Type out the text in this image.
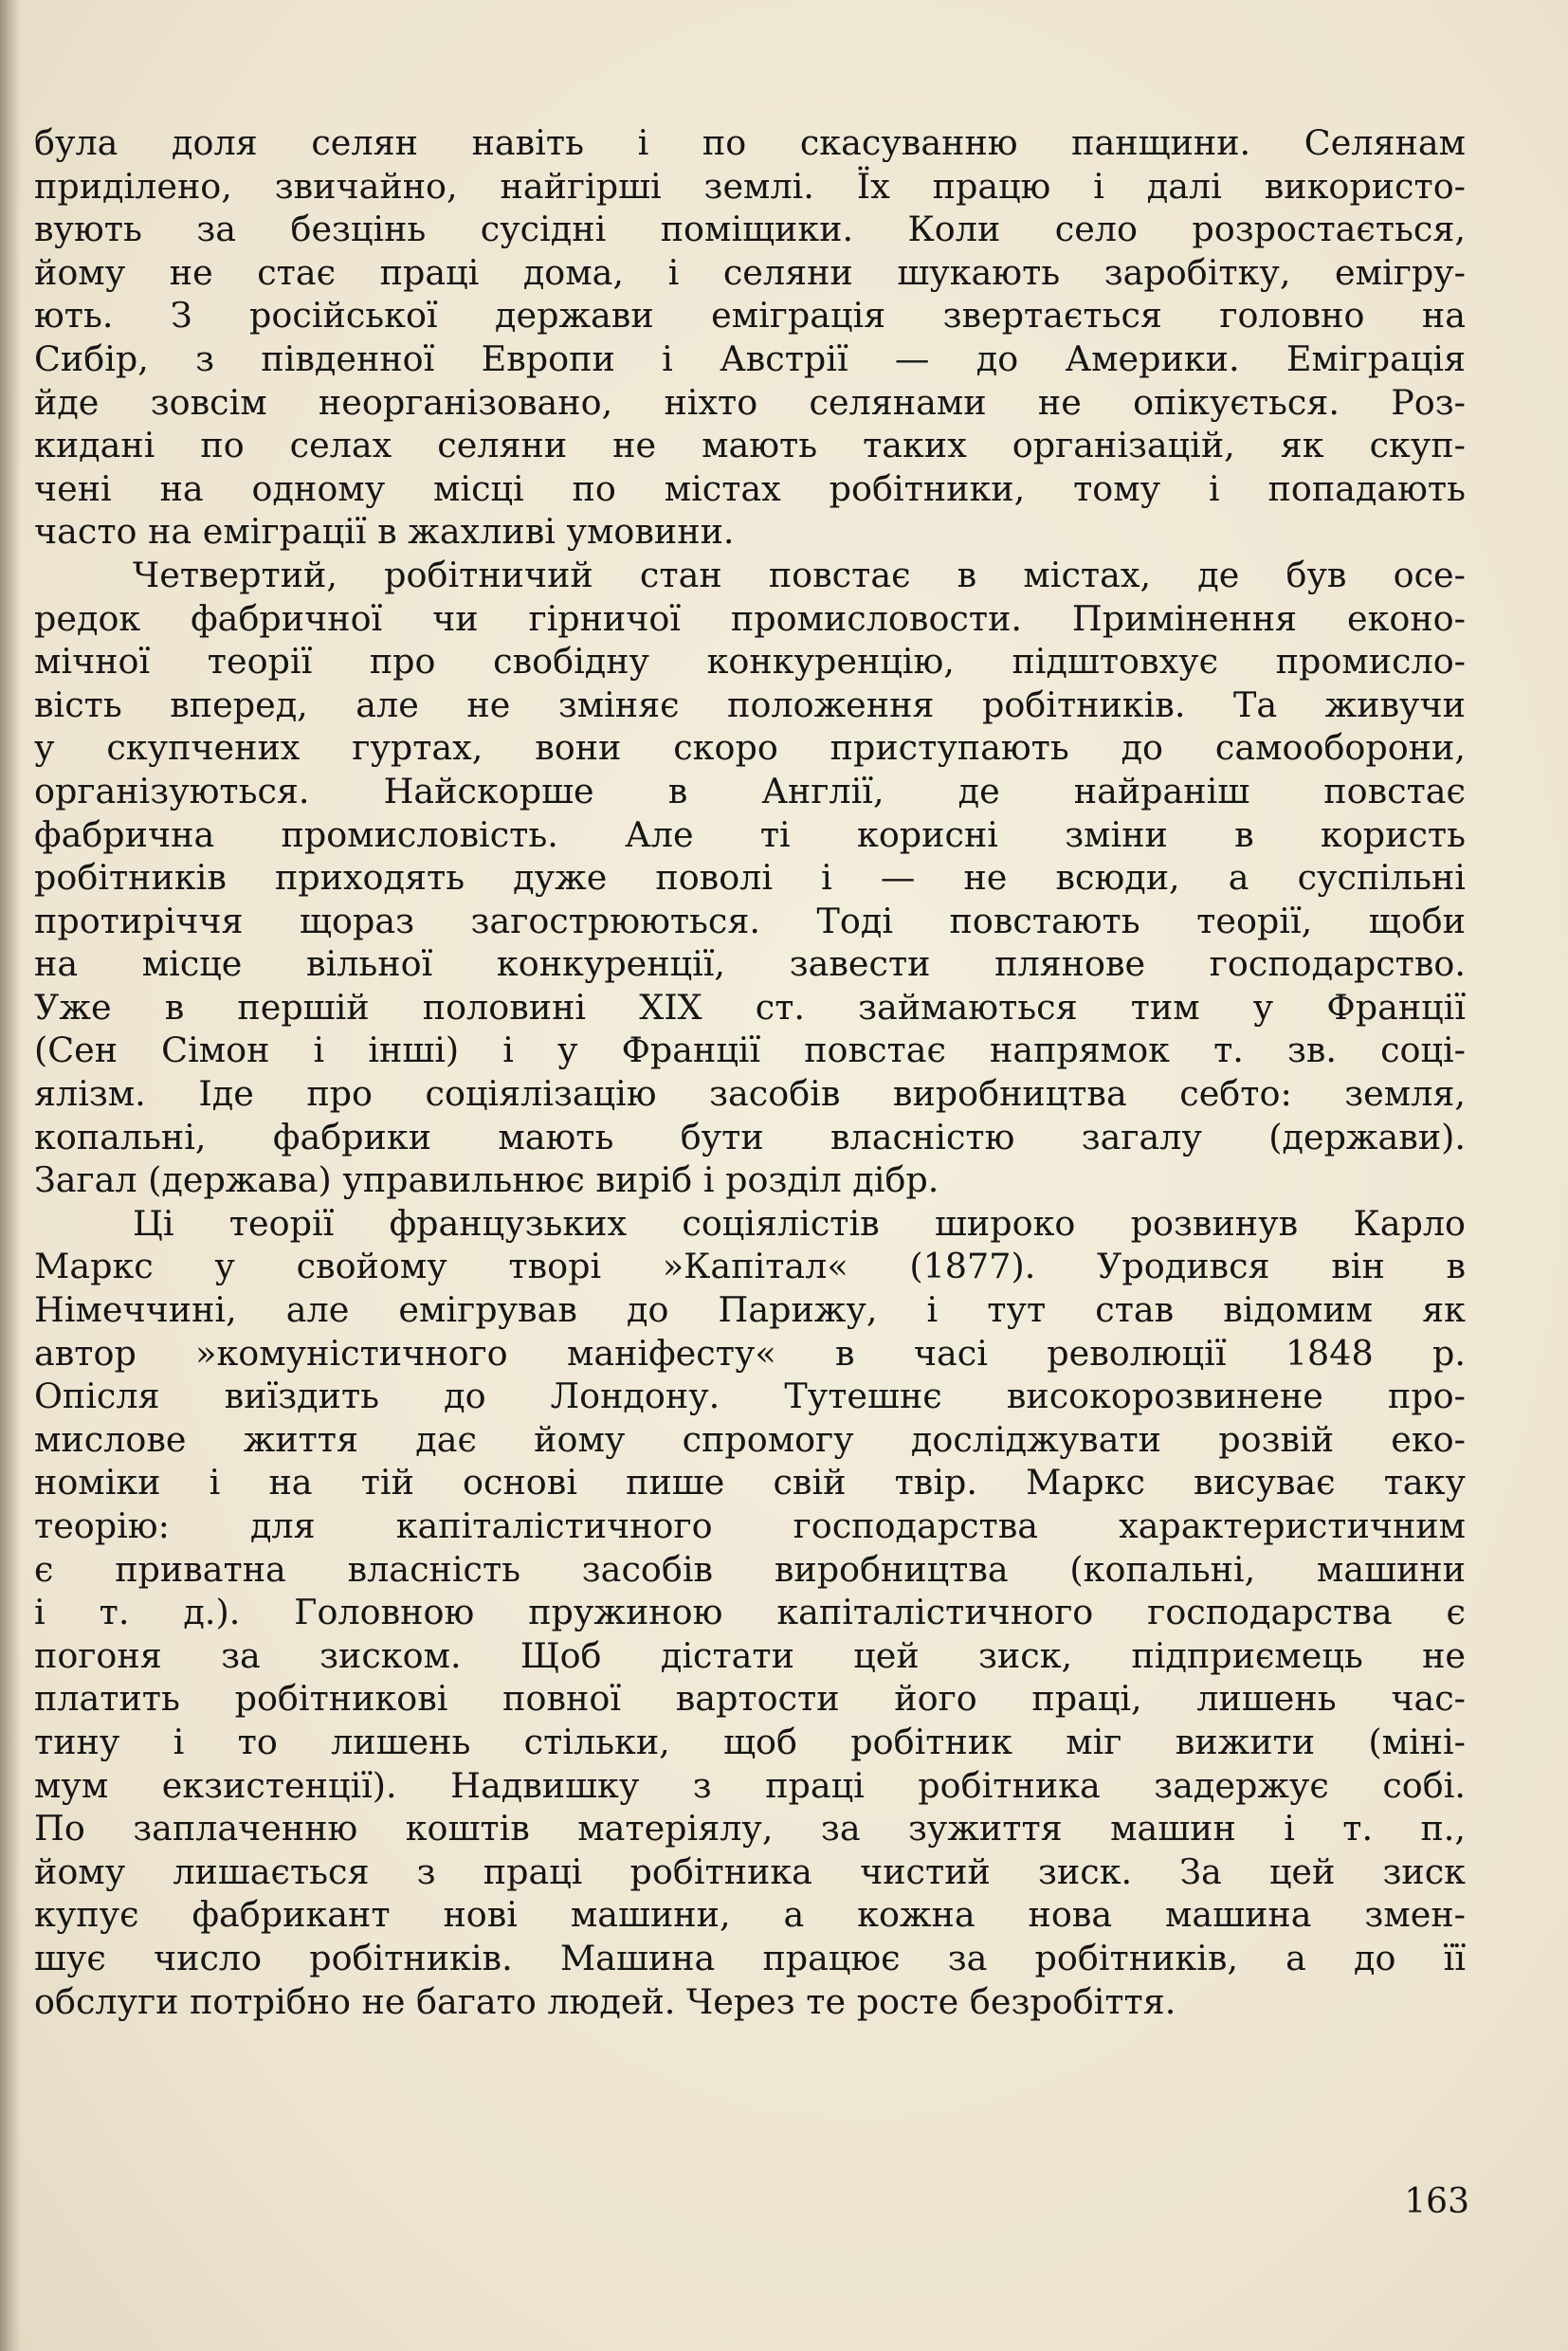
була доля селян навіть і по скасуванню панщини. Селянам
приділено, звичайно, найгірші землі. Їх працю і далі використо-
вують за безцінь сусідні поміщики. Коли село розростається,
йому не стає праці дома, і селяни шукають заробітку, емігру-
ють. З російської держави еміграція звертається головно на
Сибір, з південної Европи і Австрії — до Америки. Еміграція
йде зовсім неорганізовано, ніхто селянами не опікується. Роз-
кидані по селах селяни не мають таких організацій, як скуп-
чені на одному місці по містах робітники, тому і попадають
часто на еміграції в жахливі умовини.
Четвертий, робітничий стан повстає в містах, де був осе-
редок фабричної чи гірничої промисловости. Примінення еконо-
мічної теорії про свобідну конкуренцію, підштовхує промисло-
вість вперед, але не зміняє положення робітників. Та живучи
у скупчених гуртах, вони скоро приступають до самооборони,
організуються. Найскорше в Англії, де найраніш повстає
фабрична промисловість. Але ті корисні зміни в користь
робітників приходять дуже поволі і — не всюди, а суспільні
протиріччя щораз загострюються. Тоді повстають теорії, щоби
на місце вільної конкуренції, завести плянове господарство.
Уже в першій половині XIX ст. займаються тим у Франції
(Сен Сімон і інші) і у Франції повстає напрямок т. зв. соці-
ялізм. Іде про соціялізацію засобів виробництва себто: земля,
копальні, фабрики мають бути власністю загалу (держави).
Загал (держава) управильнює виріб і розділ дібр.
Ці теорії французьких соціялістів широко розвинув Карло
Маркс у свойому творі »Капітал« (1877). Уродився він в
Німеччині, але емігрував до Парижу, і тут став відомим як
автор »комуністичного маніфесту« в часі революції 1848 р.
Опісля виїздить до Лондону. Тутешнє високорозвинене про-
мислове життя дає йому спромогу досліджувати розвій еко-
номіки і на тій основі пише свій твір. Маркс висуває таку
теорію: для капіталістичного господарства характеристичним
є приватна власність засобів виробництва (копальні, машини
і т. д.). Головною пружиною капіталістичного господарства є
погоня за зиском. Щоб дістати цей зиск, підприємець не
платить робітникові повної вартости його праці, лишень час-
тину і то лишень стільки, щоб робітник міг вижити (міні-
мум екзистенції). Надвишку з праці робітника задержує собі.
По заплаченню коштів матеріялу, за зужиття машин і т. п.,
йому лишається з праці робітника чистий зиск. За цей зиск
купує фабрикант нові машини, а кожна нова машина змен-
шує число робітників. Машина працює за робітників, а до її
обслуги потрібно не багато людей. Через те росте безробіття.
163
